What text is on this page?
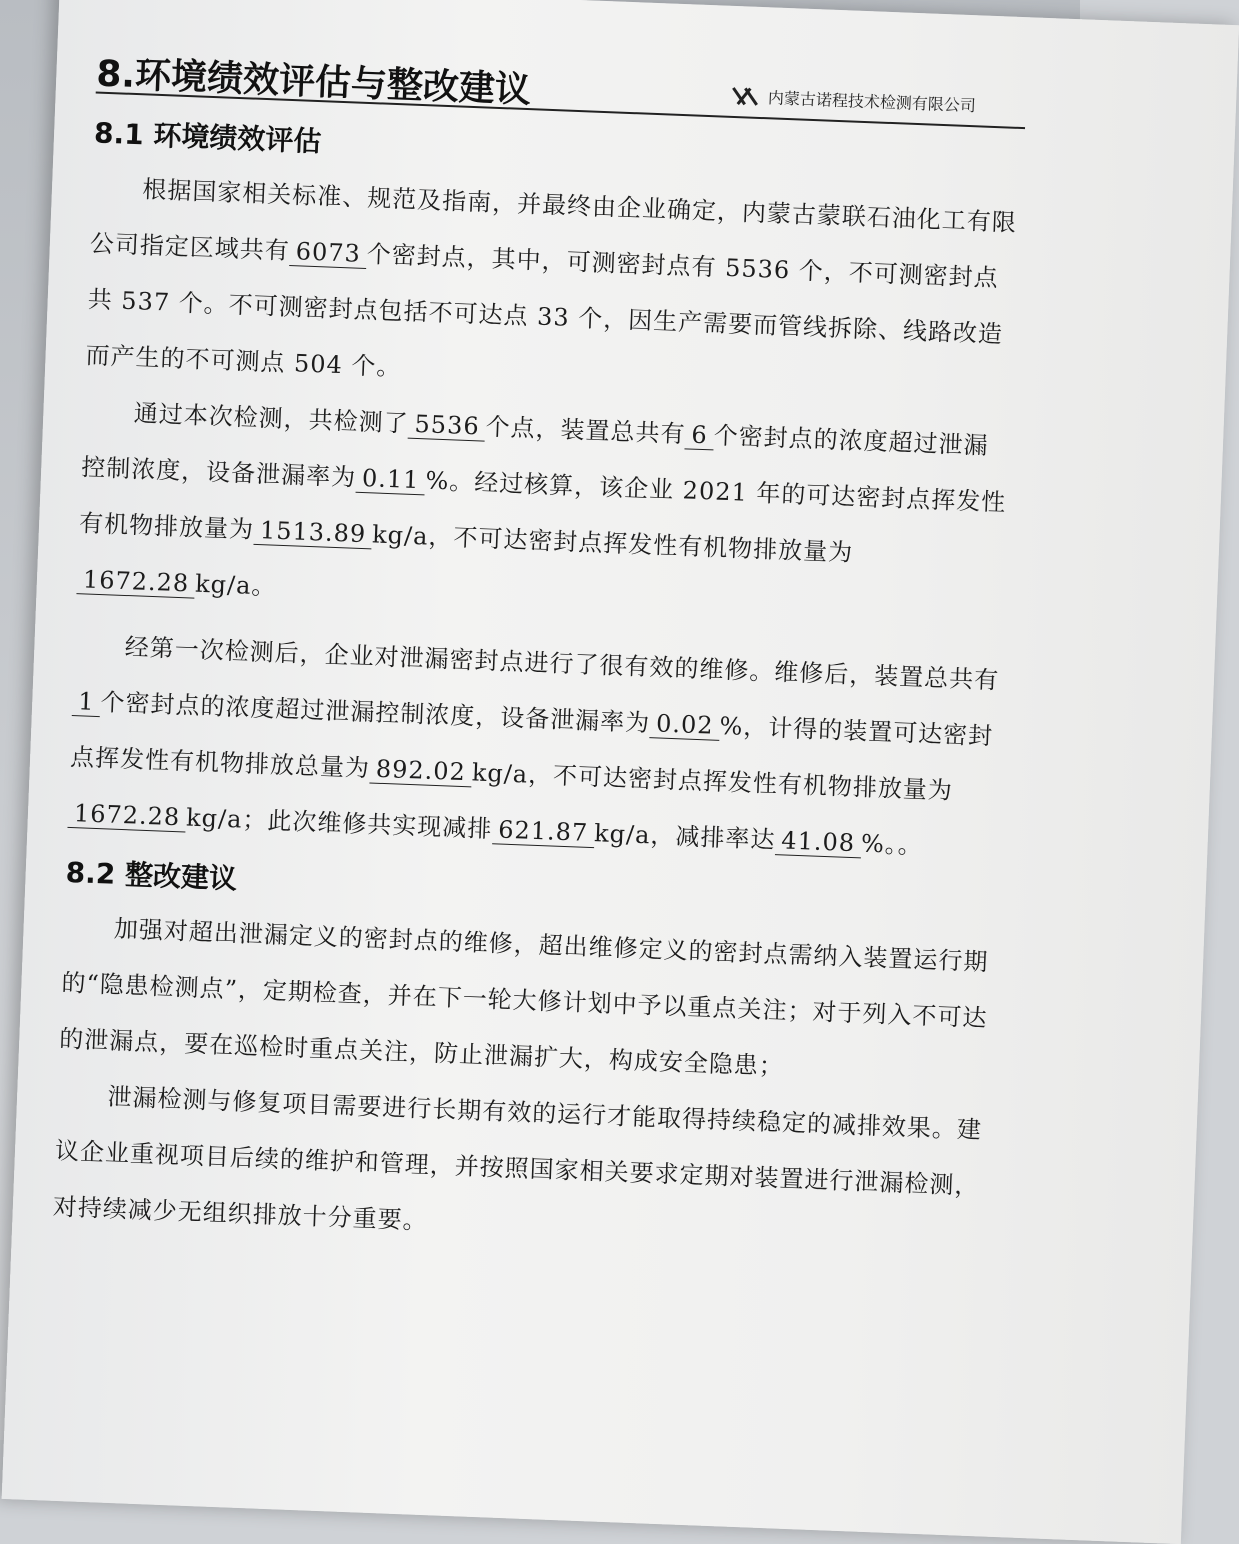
8.环境绩效评估与整改建议	内蒙古诺程技术检测有限公司
8.1 环境绩效评估

根据国家相关标准、规范及指南，并最终由企业确定，内蒙古蒙联石油化工有限公司指定区域共有 6073 个密封点，其中，可测密封点有 5536 个，不可测密封点共 537 个。不可测密封点包括不可达点 33 个，因生产需要而管线拆除、线路改造而产生的不可测点 504 个。

通过本次检测，共检测了 5536 个点，装置总共有 6 个密封点的浓度超过泄漏控制浓度，设备泄漏率为 0.11 %。经过核算，该企业 2021 年的可达密封点挥发性有机物排放量为 1513.89 kg/a，不可达密封点挥发性有机物排放量为1672.28 kg/a。

经第一次检测后，企业对泄漏密封点进行了很有效的维修。维修后，装置总共有1 个密封点的浓度超过泄漏控制浓度，设备泄漏率为 0.02 %，计得的装置可达密封点挥发性有机物排放总量为 892.02 kg/a，不可达密封点挥发性有机物排放量为1672.28 kg/a；此次维修共实现减排 621.87 kg/a，减排率达 41.08 %。。

8.2 整改建议

加强对超出泄漏定义的密封点的维修，超出维修定义的密封点需纳入装置运行期的“隐患检测点”，定期检查，并在下一轮大修计划中予以重点关注；对于列入不可达的泄漏点，要在巡检时重点关注，防止泄漏扩大，构成安全隐患；

泄漏检测与修复项目需要进行长期有效的运行才能取得持续稳定的减排效果。建议企业重视项目后续的维护和管理，并按照国家相关要求定期对装置进行泄漏检测，对持续减少无组织排放十分重要。
